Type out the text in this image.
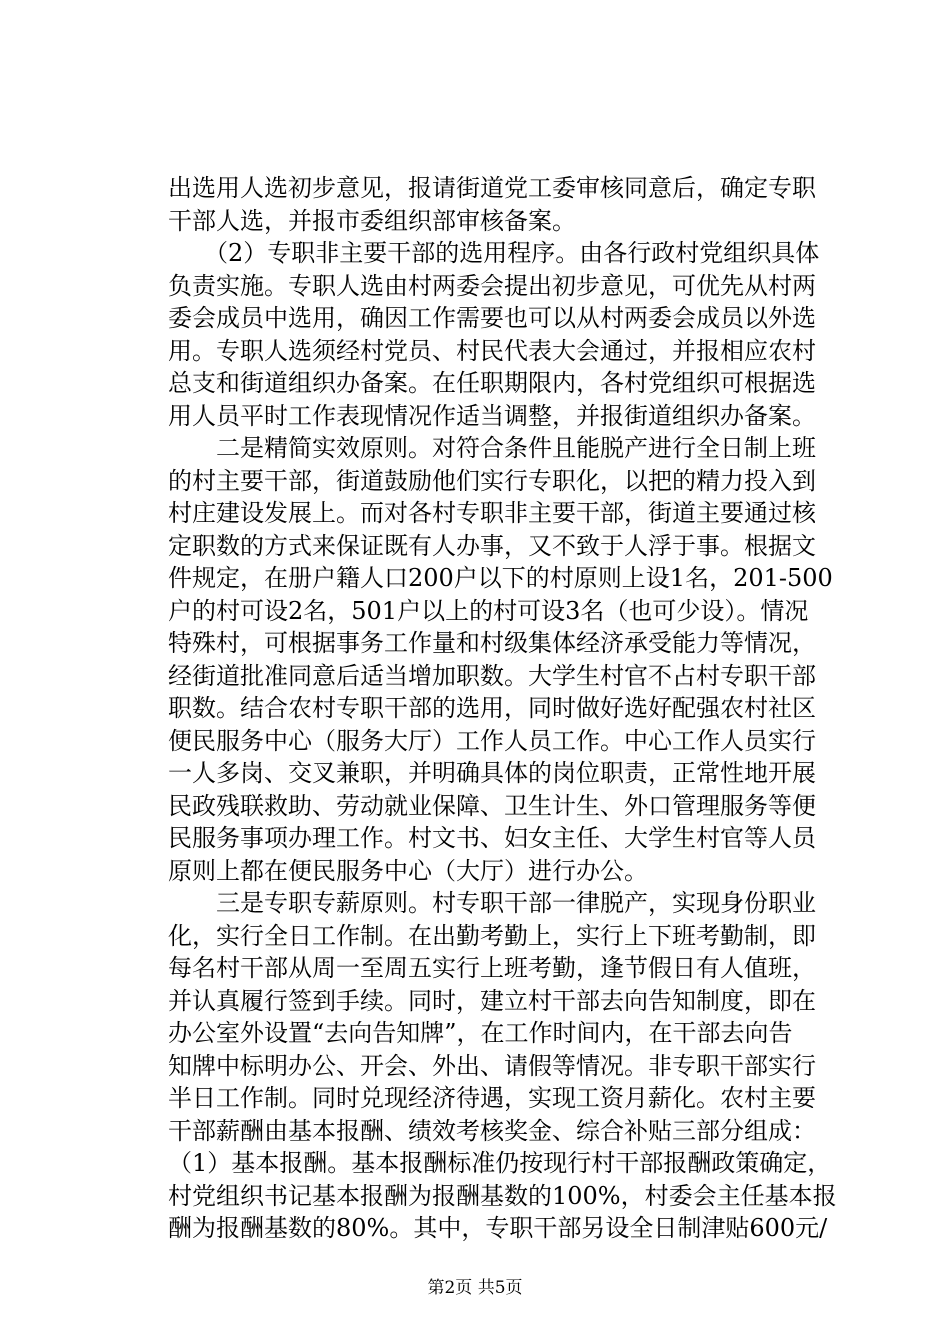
出选用人选初步意见，报请街道党工委审核同意后，确定专职
干部人选，并报市委组织部审核备案。
　　（2）专职非主要干部的选用程序。由各行政村党组织具体
负责实施。专职人选由村两委会提出初步意见，可优先从村两
委会成员中选用，确因工作需要也可以从村两委会成员以外选
用。专职人选须经村党员、村民代表大会通过，并报相应农村
总支和街道组织办备案。在任职期限内，各村党组织可根据选
用人员平时工作表现情况作适当调整，并报街道组织办备案。
　　二是精简实效原则。对符合条件且能脱产进行全日制上班
的村主要干部，街道鼓励他们实行专职化，以把的精力投入到
村庄建设发展上。而对各村专职非主要干部，街道主要通过核
定职数的方式来保证既有人办事，又不致于人浮于事。根据文
件规定，在册户籍人口200户以下的村原则上设1名，201-500
户的村可设2名，501户以上的村可设3名（也可少设）。情况
特殊村，可根据事务工作量和村级集体经济承受能力等情况，
经街道批准同意后适当增加职数。大学生村官不占村专职干部
职数。结合农村专职干部的选用，同时做好选好配强农村社区
便民服务中心（服务大厅）工作人员工作。中心工作人员实行
一人多岗、交叉兼职，并明确具体的岗位职责，正常性地开展
民政残联救助、劳动就业保障、卫生计生、外口管理服务等便
民服务事项办理工作。村文书、妇女主任、大学生村官等人员
原则上都在便民服务中心（大厅）进行办公。
　　三是专职专薪原则。村专职干部一律脱产，实现身份职业
化，实行全日工作制。在出勤考勤上，实行上下班考勤制，即
每名村干部从周一至周五实行上班考勤，逢节假日有人值班，
并认真履行签到手续。同时，建立村干部去向告知制度，即在
办公室外设置“去向告知牌”，在工作时间内，在干部去向告
知牌中标明办公、开会、外出、请假等情况。非专职干部实行
半日工作制。同时兑现经济待遇，实现工资月薪化。农村主要
干部薪酬由基本报酬、绩效考核奖金、综合补贴三部分组成：
（1）基本报酬。基本报酬标准仍按现行村干部报酬政策确定，
村党组织书记基本报酬为报酬基数的100%，村委会主任基本报
酬为报酬基数的80%。其中，专职干部另设全日制津贴600元/
第2页 共5页
